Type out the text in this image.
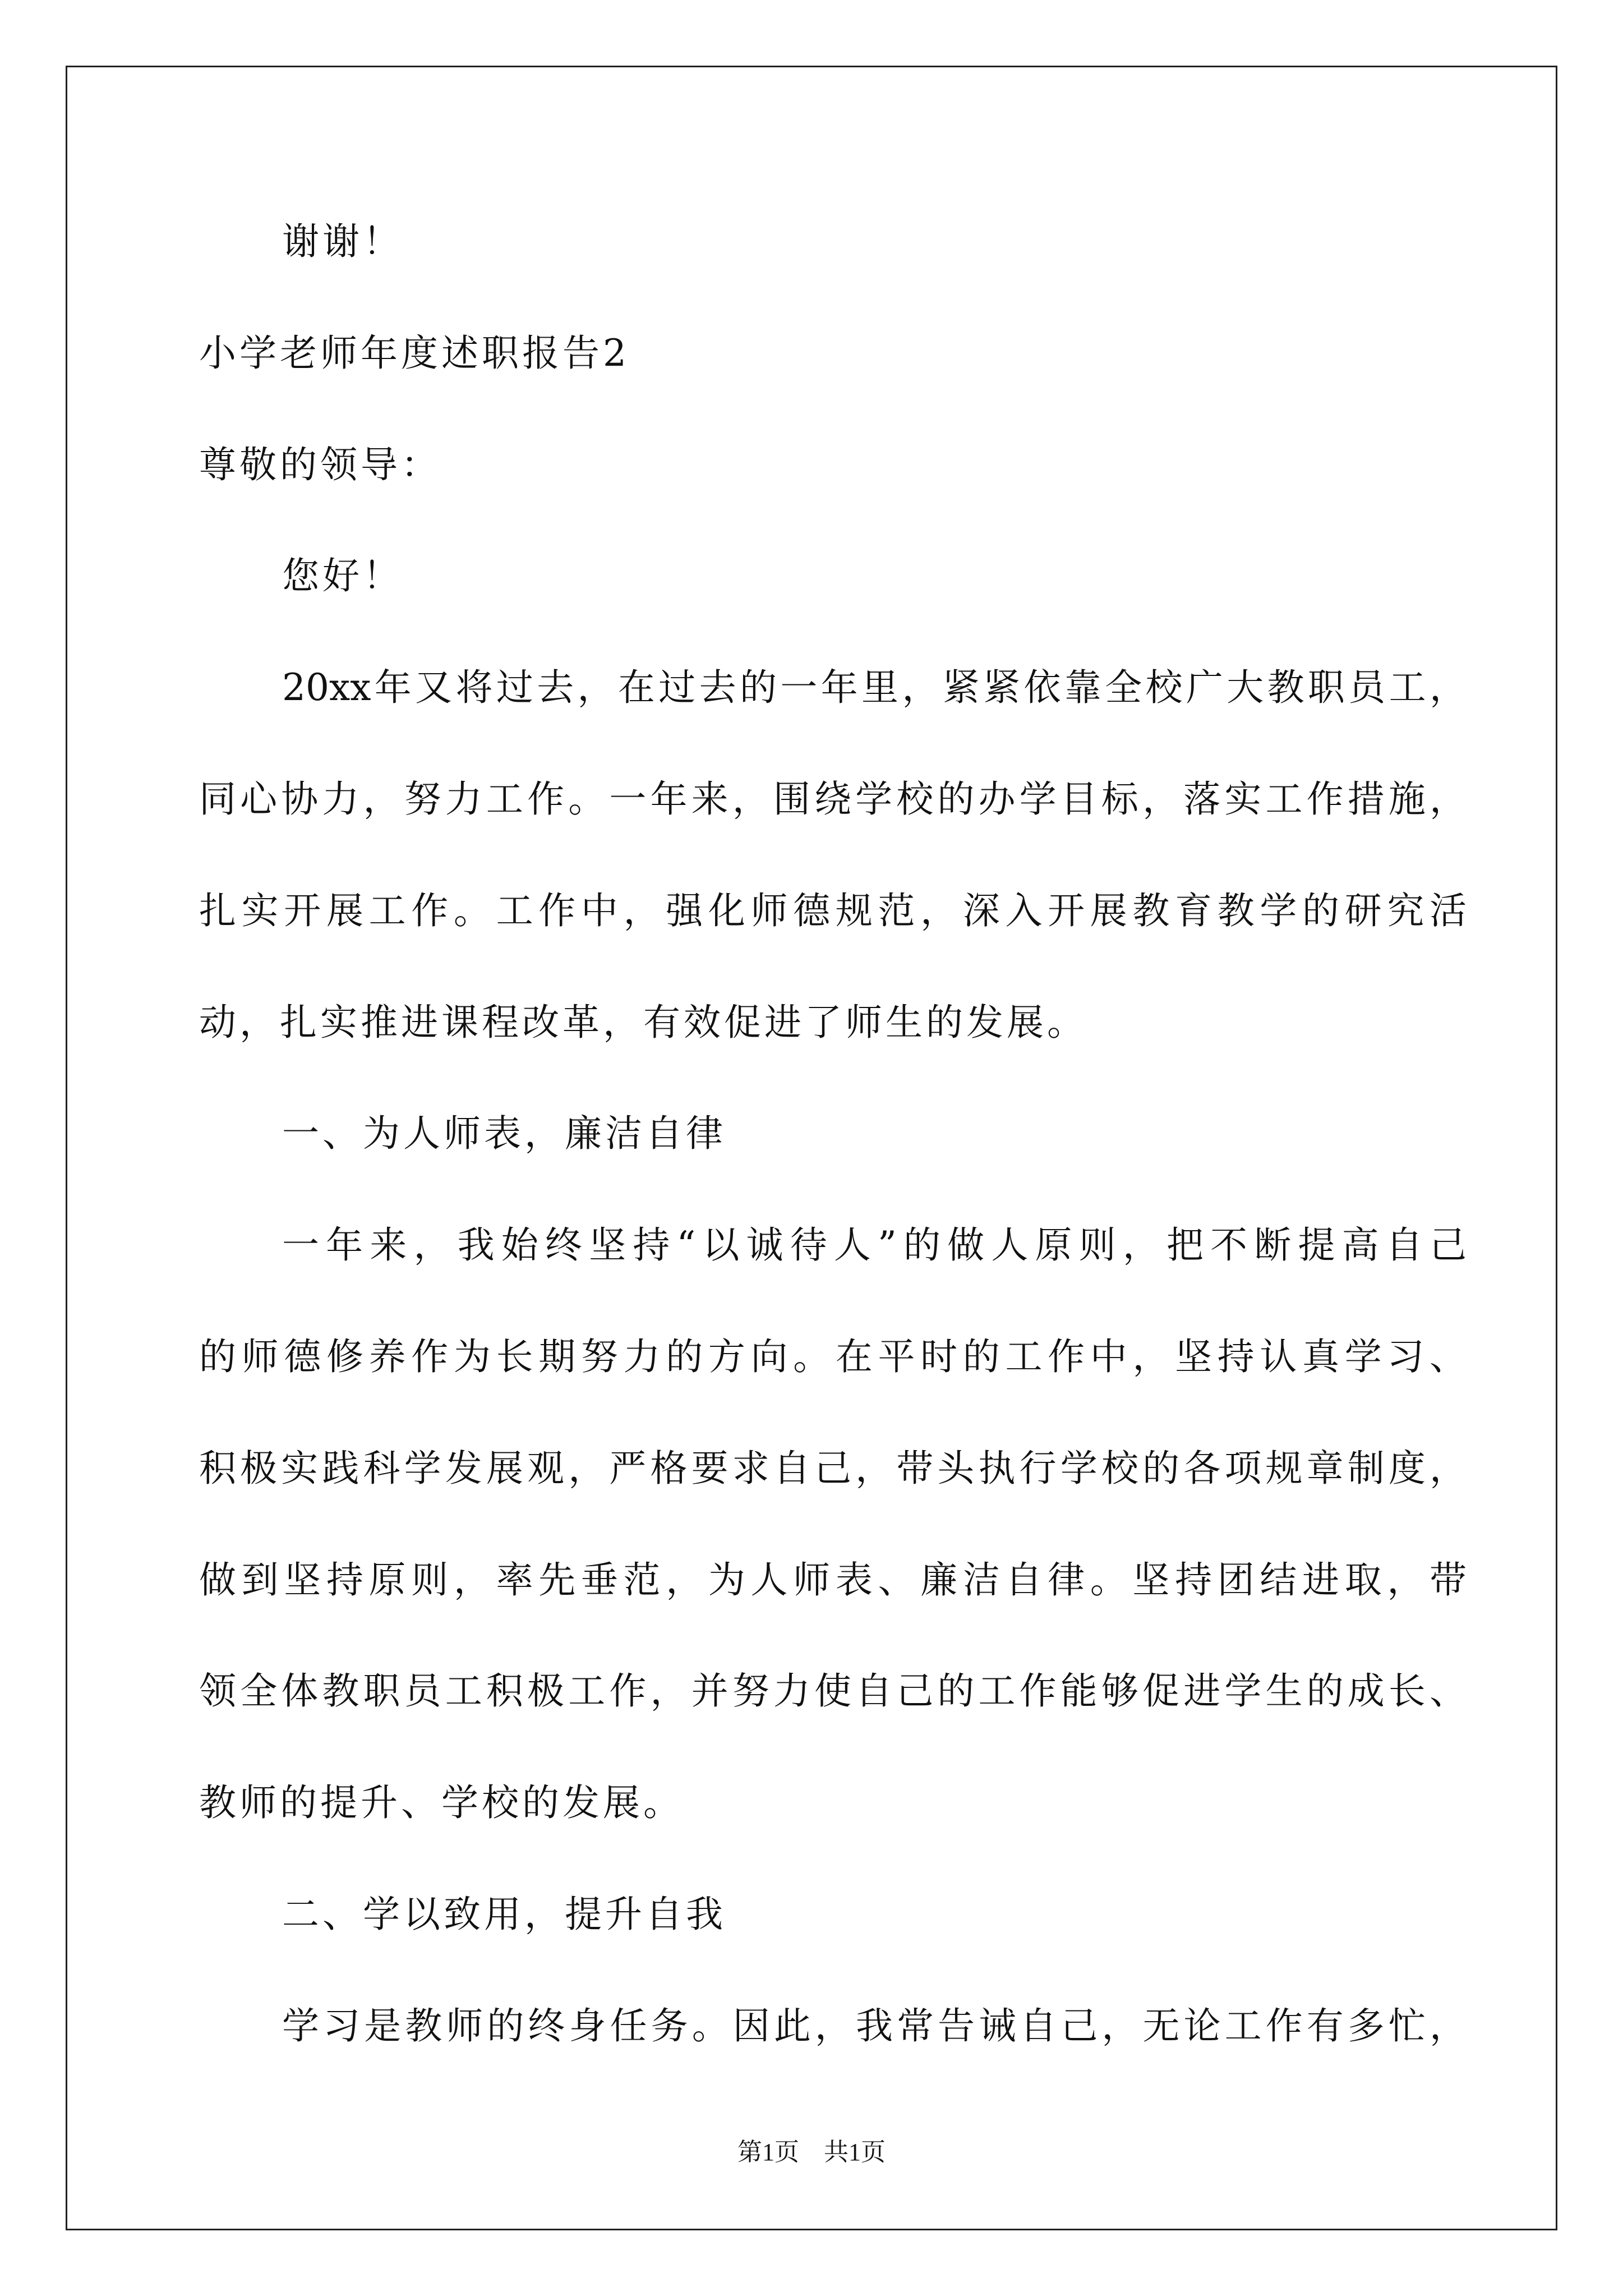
谢谢！
小学老师年度述职报告2
尊敬的领导：
您好！
20xx年又将过去，在过去的一年里，紧紧依靠全校广大教职员工，
同心协力，努力工作。一年来，围绕学校的办学目标，落实工作措施，
扎实开展工作。工作中，强化师德规范，深入开展教育教学的研究活
动，扎实推进课程改革，有效促进了师生的发展。
一、为人师表，廉洁自律
一年来，我始终坚持“以诚待人”的做人原则，把不断提高自己
的师德修养作为长期努力的方向。在平时的工作中，坚持认真学习、
积极实践科学发展观，严格要求自己，带头执行学校的各项规章制度，
做到坚持原则，率先垂范，为人师表、廉洁自律。坚持团结进取，带
领全体教职员工积极工作，并努力使自己的工作能够促进学生的成长、
教师的提升、学校的发展。
二、学以致用，提升自我
学习是教师的终身任务。因此，我常告诫自己，无论工作有多忙，
第1页　共1页
